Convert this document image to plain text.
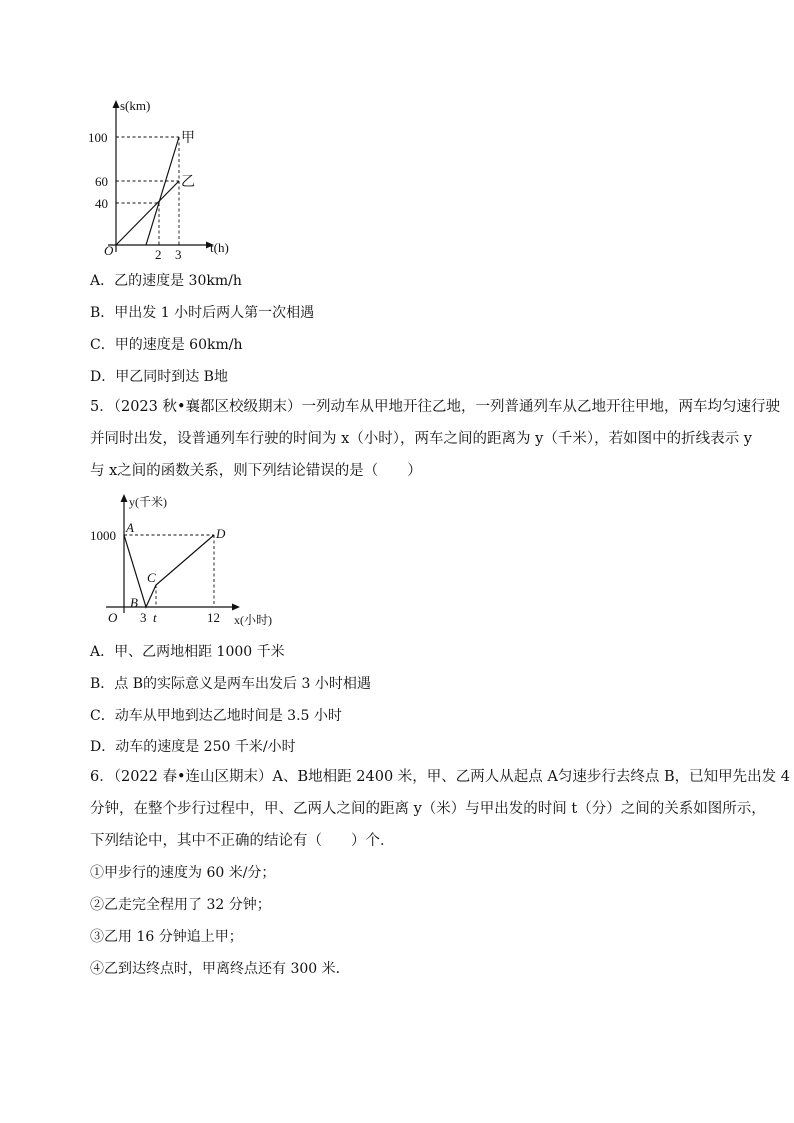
s(km)
t(h)
O
100
60
40
2 3
甲
乙
A．乙的速度是 30km/h
B．甲出发 1 小时后两人第一次相遇
C．甲的速度是 60km/h
D．甲乙同时到达 B地
5．（2023 秋•襄都区校级期末）一列动车从甲地开往乙地，一列普通列车从乙地开往甲地，两车均匀速行驶
并同时出发，设普通列车行驶的时间为 x（小时），两车之间的距离为 y（千米），若如图中的折线表示 y
与 x之间的函数关系，则下列结论错误的是（　　）
y(千米)
x(小时)
O
1000
3 t	12
A
B
C
D
A．甲、乙两地相距 1000 千米
B．点 B的实际意义是两车出发后 3 小时相遇
C．动车从甲地到达乙地时间是 3.5 小时
D．动车的速度是 250 千米/小时
6．（2022 春•连山区期末）A、B地相距 2400 米，甲、乙两人从起点 A匀速步行去终点 B，已知甲先出发 4
分钟，在整个步行过程中，甲、乙两人之间的距离 y（米）与甲出发的时间 t（分）之间的关系如图所示，
下列结论中，其中不正确的结论有（　　）个．
①甲步行的速度为 60 米/分；
②乙走完全程用了 32 分钟；
③乙用 16 分钟追上甲；
④乙到达终点时，甲离终点还有 300 米．
